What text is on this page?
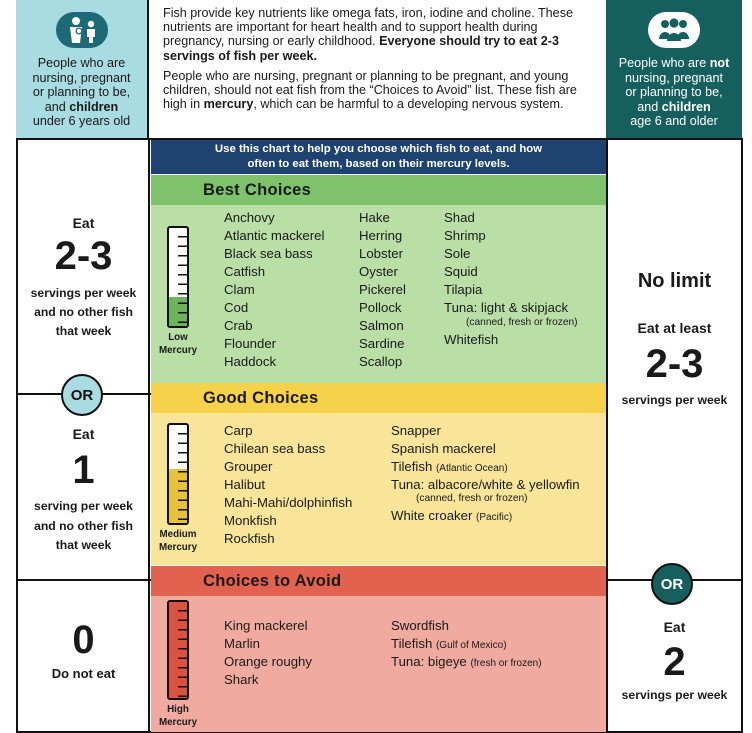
People who are
nursing, pregnant
or planning to be,
and children
under 6 years old

Fish provide key nutrients like omega fats, iron, iodine and choline. These nutrients are important for heart health and to support health during pregnancy, nursing or early childhood. Everyone should try to eat 2-3 servings of fish per week.

People who are nursing, pregnant or planning to be pregnant, and young children, should not eat fish from the “Choices to Avoid” list. These fish are high in mercury, which can be harmful to a developing nervous system.

People who are not
nursing, pregnant
or planning to be,
and children
age 6 and older
Use this chart to help you choose which fish to eat, and how
often to eat them, based on their mercury levels.
Best Choices
Low
Mercury
Anchovy
Atlantic mackerel
Black sea bass
Catfish
Clam
Cod
Crab
Flounder
Haddock
Hake
Herring
Lobster
Oyster
Pickerel
Pollock
Salmon
Sardine
Scallop
Shad
Shrimp
Sole
Squid
Tilapia
Tuna: light & skipjack
(canned, fresh or frozen)
Whitefish
Good Choices
Medium
Mercury
Carp
Chilean sea bass
Grouper
Halibut
Mahi-Mahi/dolphinfish
Monkfish
Rockfish
Snapper
Spanish mackerel
Tilefish (Atlantic Ocean)
Tuna: albacore/white & yellowfin
(canned, fresh or frozen)
White croaker (Pacific)
Choices to Avoid
High
Mercury
King mackerel
Marlin
Orange roughy
Shark
Swordfish
Tilefish (Gulf of Mexico)
Tuna: bigeye (fresh or frozen)
Eat
2-3
servings per week
and no other fish
that week
OR
Eat
1
serving per week
and no other fish
that week
0
Do not eat
No limit
Eat at least
2-3
servings per week
OR
Eat
2
servings per week
